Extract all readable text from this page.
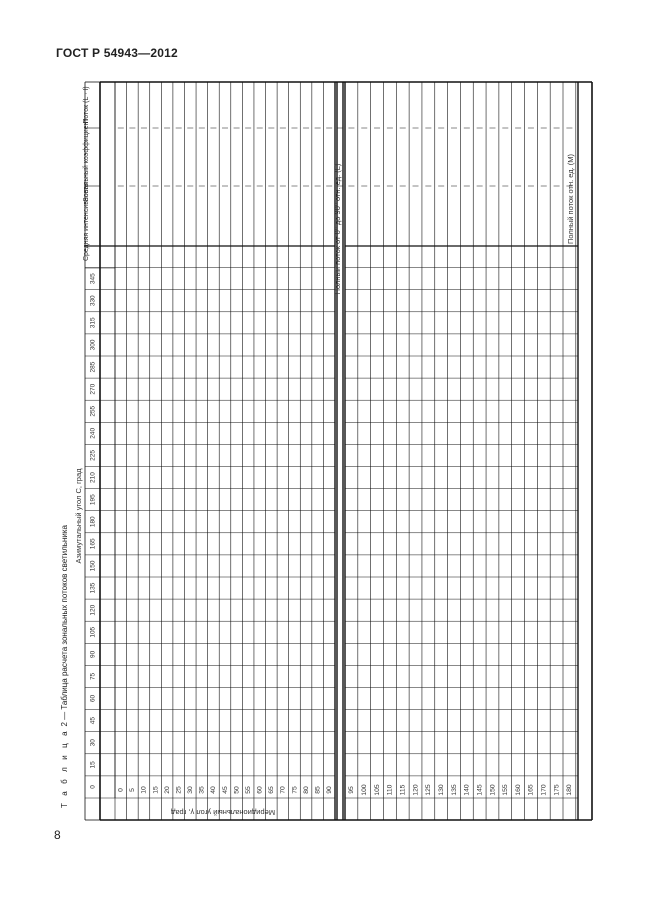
ГОСТ Р 54943—2012
Т а б л и ц а 2 — Таблица расчета зональных потоков светильника
Меридиональный угол γ, град
Азимутальный угол C, град
Средняя интенсивность
Зональный коэффициент
Поток (L · I)
Полный поток от 0° до 90° отн. ед. (L)	Полный поток отн. ед. (M)
0
15
30
45
60
75
90
105
120
135
150
165
180
195
210
225
240
255
270
285
300
315
330
345
0 5 10 15 20 25 30 35 40 45 50 55 60 65 70 75 80 85 90 95 100 105 110 115 120 125 130 135 140 145 150 155 160 165 170 175 180
8
